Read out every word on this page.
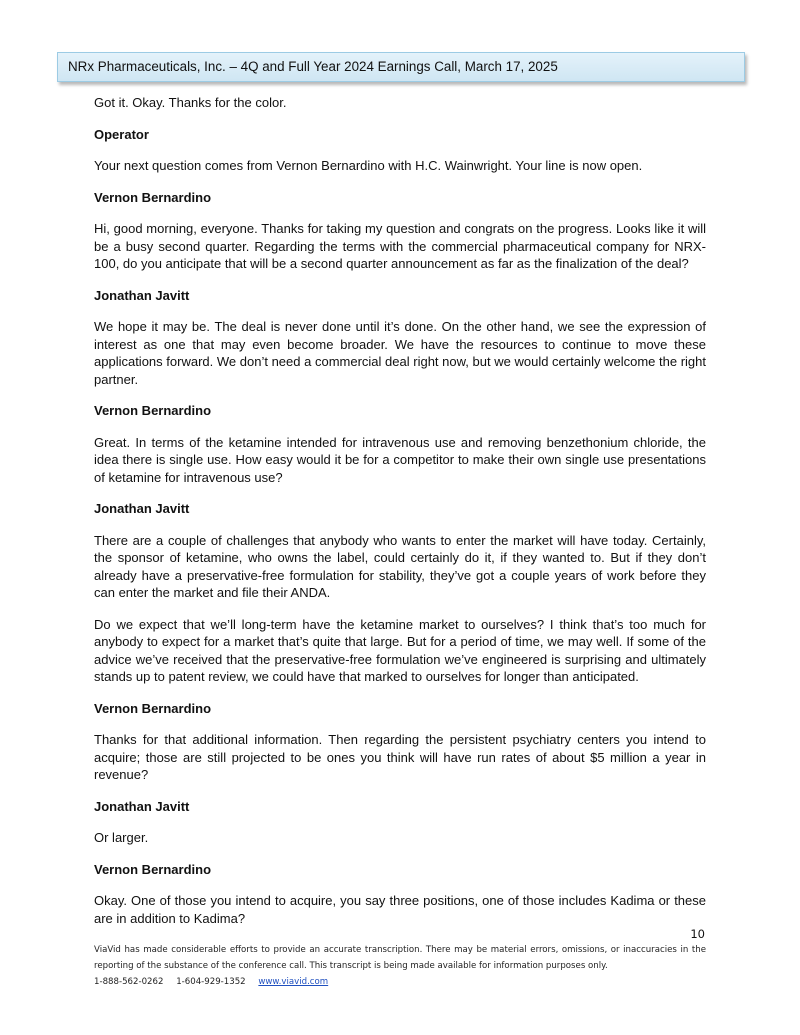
NRx Pharmaceuticals, Inc. – 4Q and Full Year 2024 Earnings Call, March 17, 2025

Got it. Okay. Thanks for the color.

Operator

Your next question comes from Vernon Bernardino with H.C. Wainwright. Your line is now open.

Vernon Bernardino

Hi, good morning, everyone. Thanks for taking my question and congrats on the progress. Looks like it will be a busy second quarter. Regarding the terms with the commercial pharmaceutical company for NRX-100, do you anticipate that will be a second quarter announcement as far as the finalization of the deal?

Jonathan Javitt

We hope it may be. The deal is never done until it’s done. On the other hand, we see the expression of interest as one that may even become broader. We have the resources to continue to move these applications forward. We don’t need a commercial deal right now, but we would certainly welcome the right partner.

Vernon Bernardino

Great. In terms of the ketamine intended for intravenous use and removing benzethonium chloride, the idea there is single use. How easy would it be for a competitor to make their own single use presentations of ketamine for intravenous use?

Jonathan Javitt

There are a couple of challenges that anybody who wants to enter the market will have today. Certainly, the sponsor of ketamine, who owns the label, could certainly do it, if they wanted to. But if they don’t already have a preservative-free formulation for stability, they’ve got a couple years of work before they can enter the market and file their ANDA.

Do we expect that we’ll long-term have the ketamine market to ourselves? I think that’s too much for anybody to expect for a market that’s quite that large. But for a period of time, we may well. If some of the advice we’ve received that the preservative-free formulation we’ve engineered is surprising and ultimately stands up to patent review, we could have that marked to ourselves for longer than anticipated.

Vernon Bernardino

Thanks for that additional information. Then regarding the persistent psychiatry centers you intend to acquire; those are still projected to be ones you think will have run rates of about $5 million a year in revenue?

Jonathan Javitt

Or larger.

Vernon Bernardino

Okay. One of those you intend to acquire, you say three positions, one of those includes Kadima or these are in addition to Kadima?

10
ViaVid has made considerable efforts to provide an accurate transcription. There may be material errors, omissions, or inaccuracies in the reporting of the substance of the conference call. This transcript is being made available for information purposes only.
1-888-562-0262 1-604-929-1352 www.viavid.com
